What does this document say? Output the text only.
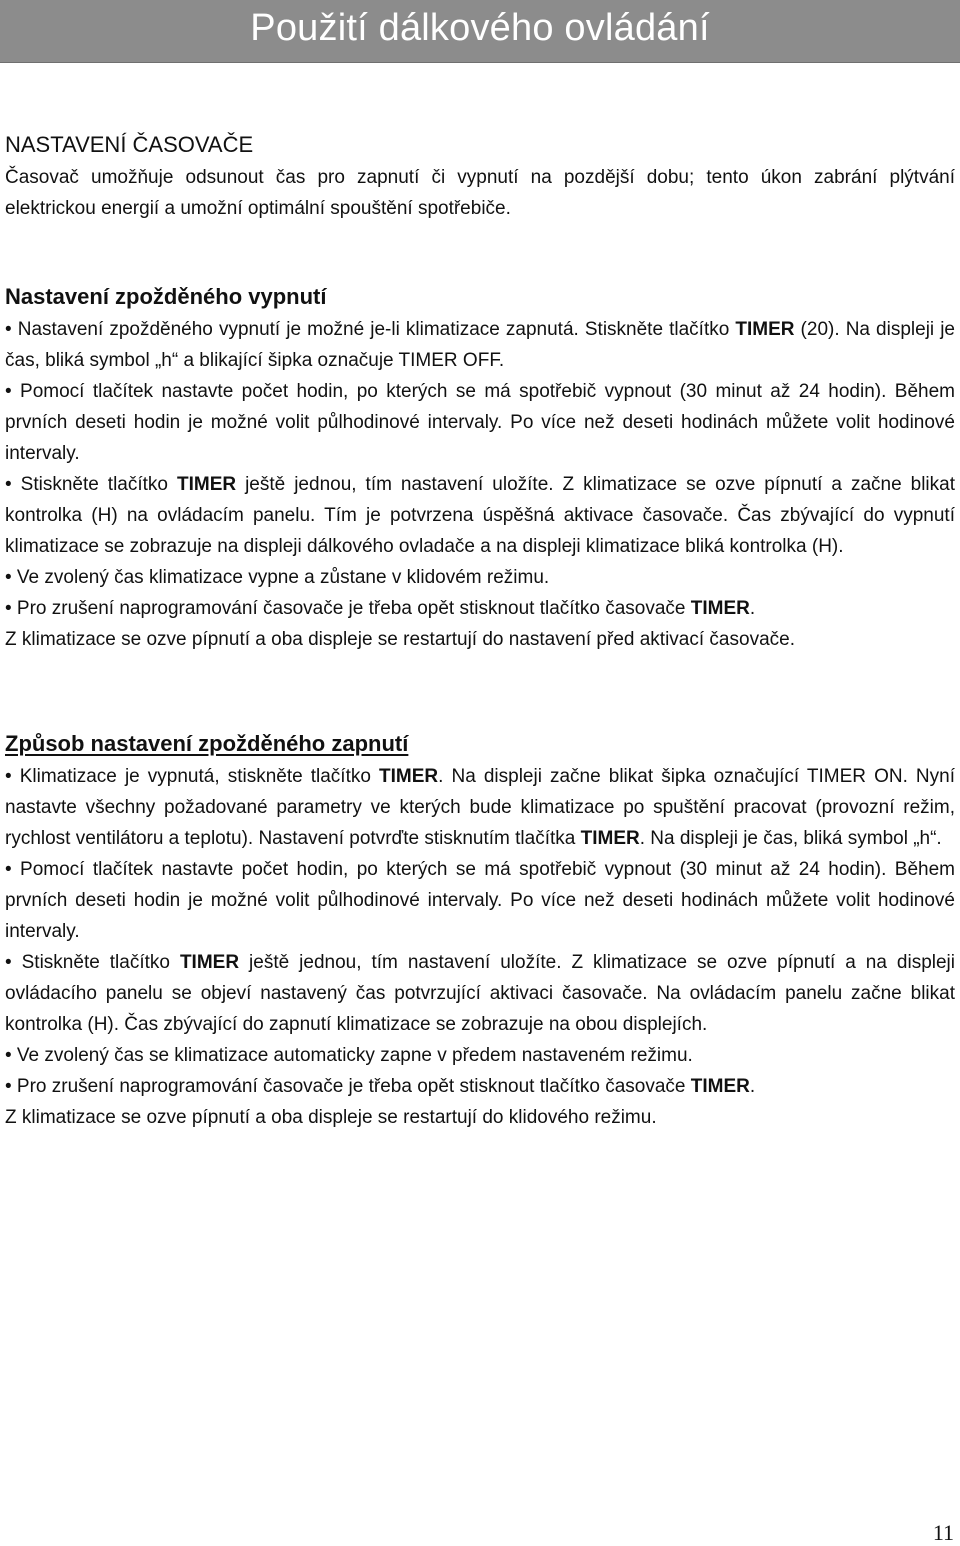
Použití dálkového ovládání

NASTAVENÍ ČASOVAČE

Časovač umožňuje odsunout čas pro zapnutí či vypnutí na pozdější dobu; tento úkon zabrání plýtvání elektrickou energií a umožní optimální spouštění spotřebiče.

Nastavení zpožděného vypnutí

• Nastavení zpožděného vypnutí je možné je-li klimatizace zapnutá. Stiskněte tlačítko TIMER (20). Na displeji je čas, bliká symbol „h“ a blikající šipka označuje TIMER OFF.

• Pomocí tlačítek nastavte počet hodin, po kterých se má spotřebič vypnout (30 minut až 24 hodin). Během prvních deseti hodin je možné volit půlhodinové intervaly. Po více než deseti hodinách můžete volit hodinové intervaly.

• Stiskněte tlačítko TIMER ještě jednou, tím nastavení uložíte. Z klimatizace se ozve pípnutí a začne blikat kontrolka (H) na ovládacím panelu. Tím je potvrzena úspěšná aktivace časovače. Čas zbývající do vypnutí klimatizace se zobrazuje na displeji dálkového ovladače a na displeji klimatizace bliká kontrolka (H).

• Ve zvolený čas klimatizace vypne a zůstane v klidovém režimu.

• Pro zrušení naprogramování časovače je třeba opět stisknout tlačítko časovače TIMER.

Z klimatizace se ozve pípnutí a oba displeje se restartují do nastavení před aktivací časovače.

Způsob nastavení zpožděného zapnutí

• Klimatizace je vypnutá, stiskněte tlačítko TIMER. Na displeji začne blikat šipka označující TIMER ON. Nyní nastavte všechny požadované parametry ve kterých bude klimatizace po spuštění pracovat (provozní režim, rychlost ventilátoru a teplotu). Nastavení potvrďte stisknutím tlačítka TIMER. Na displeji je čas, bliká symbol „h“.

• Pomocí tlačítek nastavte počet hodin, po kterých se má spotřebič vypnout (30 minut až 24 hodin). Během prvních deseti hodin je možné volit půlhodinové intervaly. Po více než deseti hodinách můžete volit hodinové intervaly.

• Stiskněte tlačítko TIMER ještě jednou, tím nastavení uložíte. Z klimatizace se ozve pípnutí a na displeji ovládacího panelu se objeví nastavený čas potvrzující aktivaci časovače. Na ovládacím panelu začne blikat kontrolka (H). Čas zbývající do zapnutí klimatizace se zobrazuje na obou displejích.

• Ve zvolený čas se klimatizace automaticky zapne v předem nastaveném režimu.

• Pro zrušení naprogramování časovače je třeba opět stisknout tlačítko časovače TIMER.

Z klimatizace se ozve pípnutí a oba displeje se restartují do klidového režimu.

11
